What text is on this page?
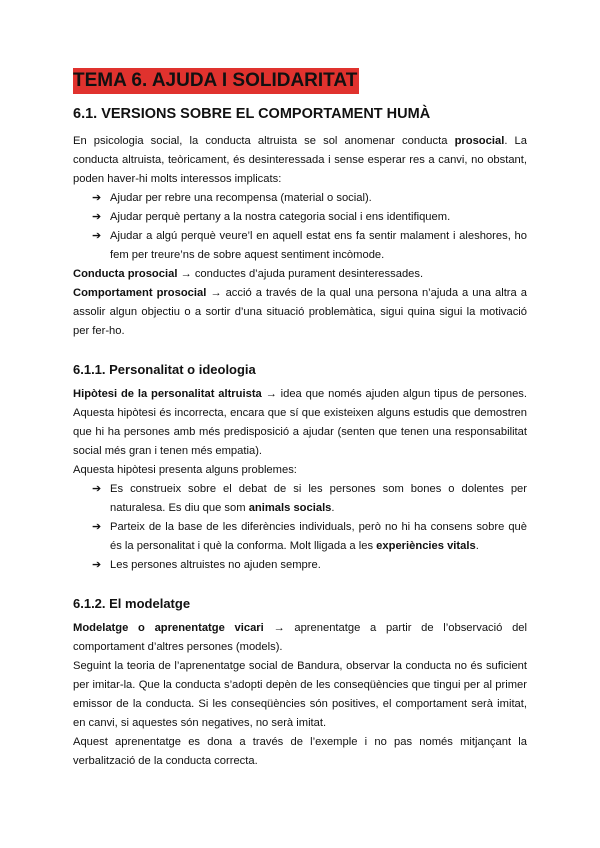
TEMA 6. AJUDA I SOLIDARITAT
6.1. VERSIONS SOBRE EL COMPORTAMENT HUMÀ

En psicologia social, la conducta altruista se sol anomenar conducta prosocial. La conducta altruista, teòricament, és desinteressada i sense esperar res a canvi, no obstant, poden haver-hi molts interessos implicats:

➔ Ajudar per rebre una recompensa (material o social).
➔ Ajudar perquè pertany a la nostra categoria social i ens identifiquem.
➔ Ajudar a algú perquè veure’l en aquell estat ens fa sentir malament i aleshores, ho fem per treure’ns de sobre aquest sentiment incòmode.

Conducta prosocial → conductes d’ajuda purament desinteressades.

Comportament prosocial → acció a través de la qual una persona n’ajuda a una altra a assolir algun objectiu o a sortir d’una situació problemàtica, sigui quina sigui la motivació per fer-ho.

6.1.1. Personalitat o ideologia

Hipòtesi de la personalitat altruista → idea que només ajuden algun tipus de persones. Aquesta hipòtesi és incorrecta, encara que sí que existeixen alguns estudis que demostren que hi ha persones amb més predisposició a ajudar (senten que tenen una responsabilitat social més gran i tenen més empatia).

Aquesta hipòtesi presenta alguns problemes:

➔ Es construeix sobre el debat de si les persones som bones o dolentes per naturalesa. Es diu que som animals socials.
➔ Parteix de la base de les diferències individuals, però no hi ha consens sobre què és la personalitat i què la conforma. Molt lligada a les experiències vitals.
➔ Les persones altruistes no ajuden sempre.
6.1.2. El modelatge

Modelatge o aprenentatge vicari → aprenentatge a partir de l’observació del comportament d’altres persones (models).

Seguint la teoria de l’aprenentatge social de Bandura, observar la conducta no és suficient per imitar-la. Que la conducta s’adopti depèn de les conseqüències que tingui per al primer emissor de la conducta. Si les conseqüències són positives, el comportament serà imitat, en canvi, si aquestes són negatives, no serà imitat.

Aquest aprenentatge es dona a través de l’exemple i no pas només mitjançant la verbalització de la conducta correcta.
